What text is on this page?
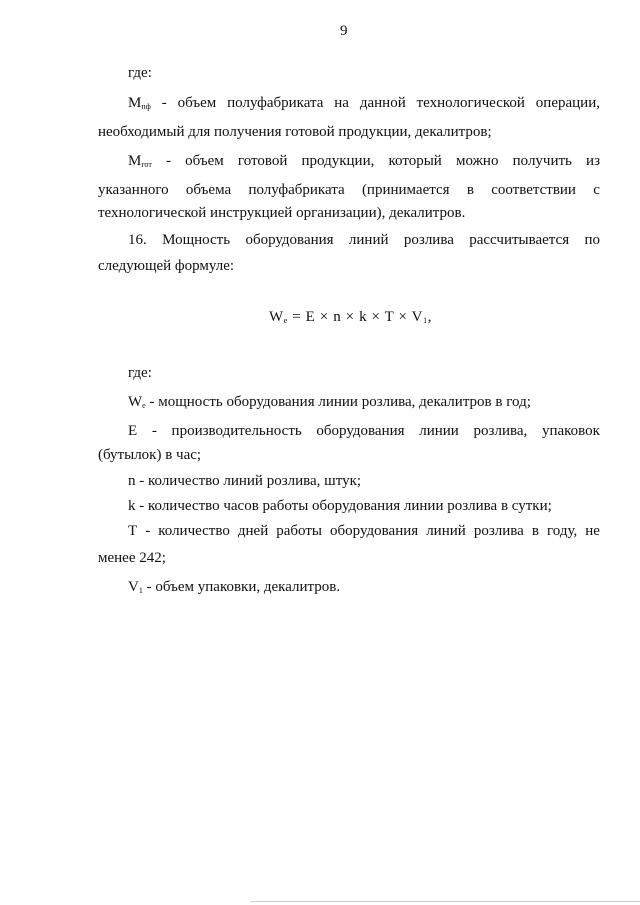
9
где:
$M_{пф}$ - объем полуфабриката на данной технологической операции,
необходимый для получения готовой продукции, декалитров;
$M_{гот}$ - объем готовой продукции, который можно получить из
указанного объема полуфабриката (принимается в соответствии с
технологической инструкцией организации), декалитров.
16. Мощность оборудования линий розлива рассчитывается по
следующей формуле:
$W_e = E \times n \times k \times T \times V_1$,
где:
$W_e$ - мощность оборудования линии розлива, декалитров в год;
E - производительность оборудования линии розлива, упаковок
(бутылок) в час;
n - количество линий розлива, штук;
k - количество часов работы оборудования линии розлива в сутки;
T - количество дней работы оборудования линий розлива в году, не
менее 242;
$V_1$ - объем упаковки, декалитров.
